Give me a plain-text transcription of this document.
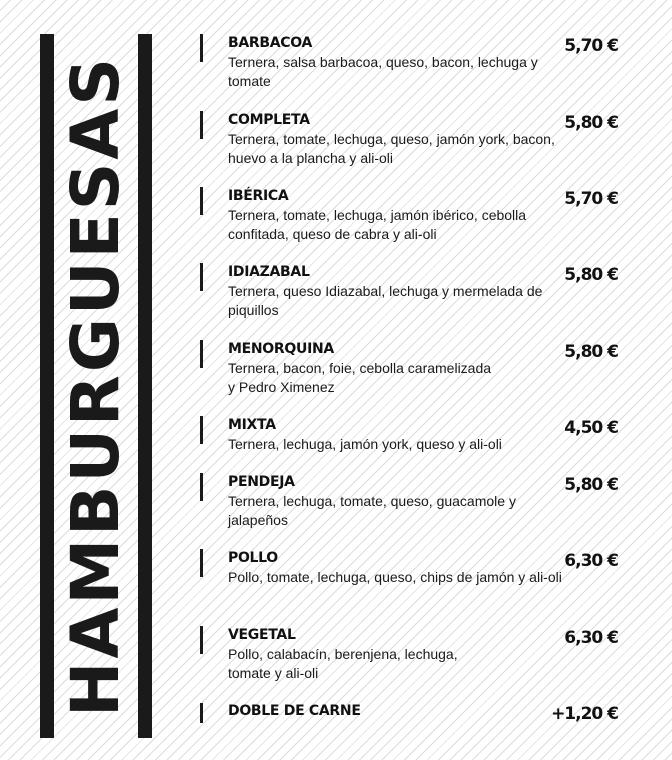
HAMBURGUESAS

BARBACOA

Ternera, salsa barbacoa, queso, bacon, lechuga y tomate

5,70 €

COMPLETA

Ternera, tomate, lechuga, queso, jamón york, bacon, huevo a la plancha y ali-oli

5,80 €

IBÉRICA

Ternera, tomate, lechuga, jamón ibérico, cebolla confitada, queso de cabra y ali-oli

5,70 €

IDIAZABAL

Ternera, queso Idiazabal, lechuga y mermelada de piquillos

5,80 €

MENORQUINA

Ternera, bacon, foie, cebolla caramelizada
y Pedro Ximenez

5,80 €

MIXTA

Ternera, lechuga, jamón york, queso y ali-oli

4,50 €

PENDEJA

Ternera, lechuga, tomate, queso, guacamole y jalapeños

5,80 €

POLLO

Pollo, tomate, lechuga, queso, chips de jamón y ali-oli

6,30 €

VEGETAL

Pollo, calabacín, berenjena, lechuga,
tomate y ali-oli

6,30 €

DOBLE DE CARNE	+1,20 €
